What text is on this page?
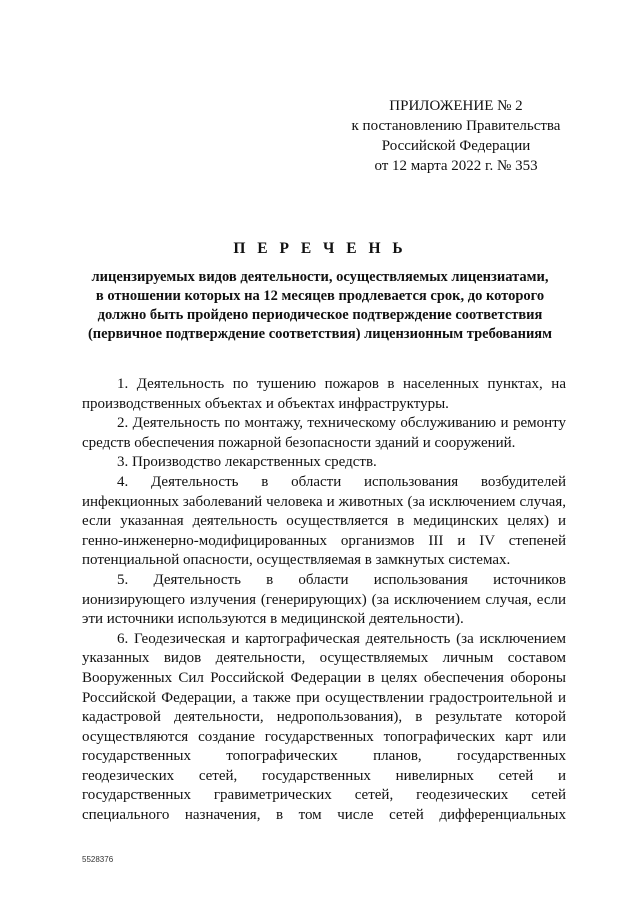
ПРИЛОЖЕНИЕ № 2
к постановлению Правительства
Российской Федерации
от 12 марта 2022 г. № 353
П Е Р Е Ч Е Н Ь
лицензируемых видов деятельности, осуществляемых лицензиатами,
в отношении которых на 12 месяцев продлевается срок, до которого
должно быть пройдено периодическое подтверждение соответствия
(первичное подтверждение соответствия) лицензионным требованиям
1. Деятельность по тушению пожаров в населенных пунктах, на
производственных объектах и объектах инфраструктуры.
2. Деятельность по монтажу, техническому обслуживанию и ремонту
средств обеспечения пожарной безопасности зданий и сооружений.
3. Производство лекарственных средств.
4. Деятельность в области использования возбудителей
инфекционных заболеваний человека и животных (за исключением случая,
если указанная деятельность осуществляется в медицинских целях) и
генно-инженерно-модифицированных организмов III и IV степеней
потенциальной опасности, осуществляемая в замкнутых системах.
5. Деятельность в области использования источников
ионизирующего излучения (генерирующих) (за исключением случая, если
эти источники используются в медицинской деятельности).
6. Геодезическая и картографическая деятельность (за исключением
указанных видов деятельности, осуществляемых личным составом
Вооруженных Сил Российской Федерации в целях обеспечения обороны
Российской Федерации, а также при осуществлении градостроительной и
кадастровой деятельности, недропользования), в результате которой
осуществляются создание государственных топографических карт или
государственных топографических планов, государственных
геодезических сетей, государственных нивелирных сетей и
государственных гравиметрических сетей, геодезических сетей
специального назначения, в том числе сетей дифференциальных
5528376
